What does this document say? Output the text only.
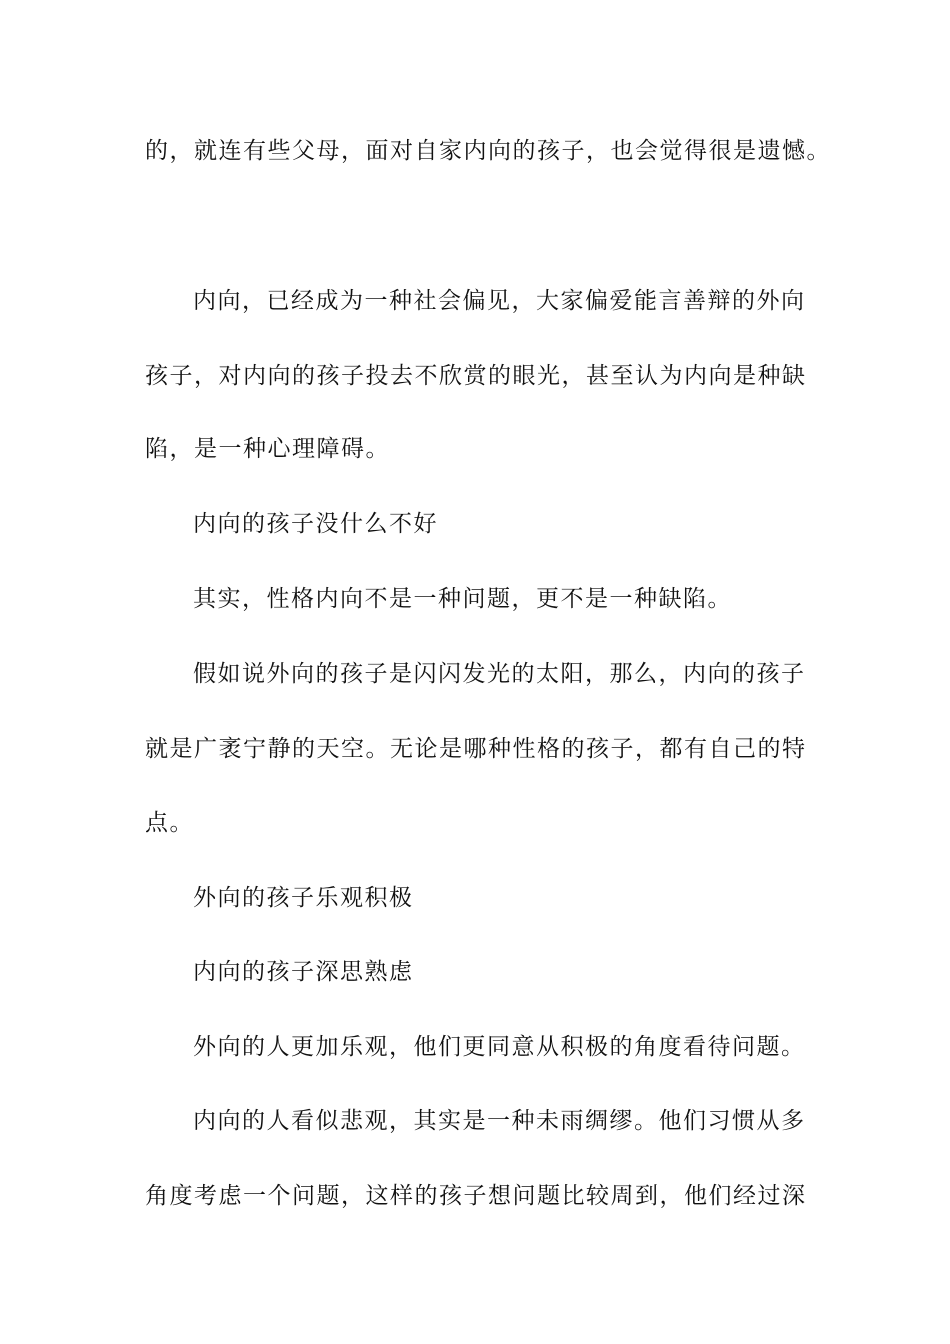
的，就连有些父母，面对自家内向的孩子，也会觉得很是遗憾。
内向，已经成为一种社会偏见，大家偏爱能言善辩的外向
孩子，对内向的孩子投去不欣赏的眼光，甚至认为内向是种缺
陷，是一种心理障碍。
内向的孩子没什么不好
其实，性格内向不是一种问题，更不是一种缺陷。
假如说外向的孩子是闪闪发光的太阳，那么，内向的孩子
就是广袤宁静的天空。无论是哪种性格的孩子，都有自己的特
点。
外向的孩子乐观积极
内向的孩子深思熟虑
外向的人更加乐观，他们更同意从积极的角度看待问题。
内向的人看似悲观，其实是一种未雨绸缪。他们习惯从多
角度考虑一个问题，这样的孩子想问题比较周到，他们经过深
